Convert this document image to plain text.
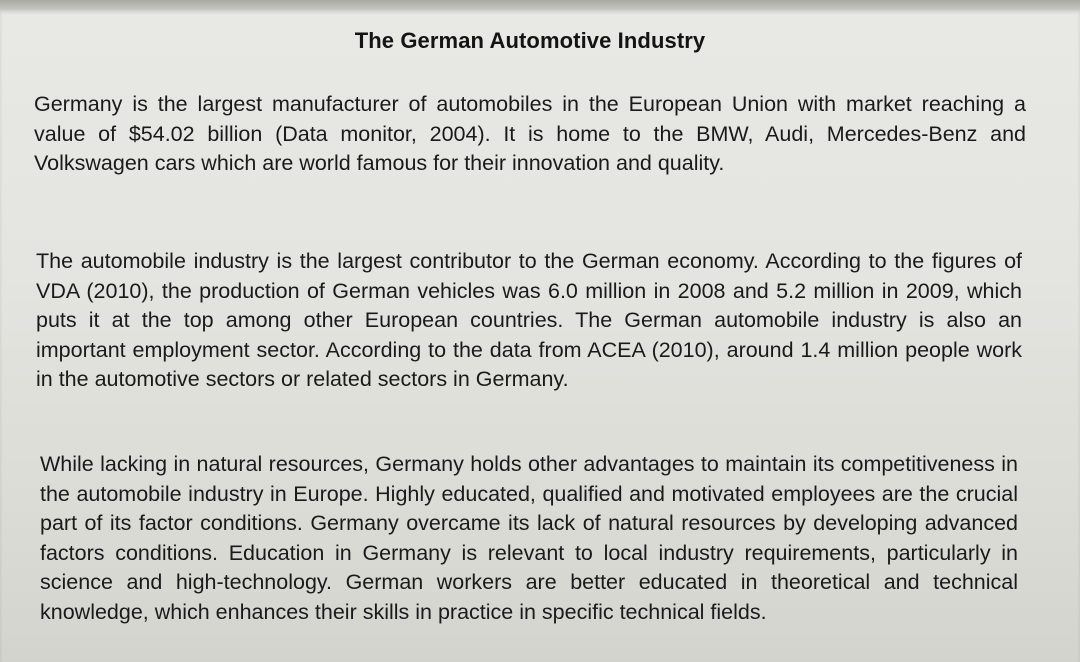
The German Automotive Industry

Germany is the largest manufacturer of automobiles in the European Union with market reaching a value of $54.02 billion (Data monitor, 2004). It is home to the BMW, Audi, Mercedes-Benz and Volkswagen cars which are world famous for their innovation and quality.

The automobile industry is the largest contributor to the German economy. According to the figures of VDA (2010), the production of German vehicles was 6.0 million in 2008 and 5.2 million in 2009, which puts it at the top among other European countries. The German automobile industry is also an important employment sector. According to the data from ACEA (2010), around 1.4 million people work in the automotive sectors or related sectors in Germany.

While lacking in natural resources, Germany holds other advantages to maintain its competitiveness in the automobile industry in Europe. Highly educated, qualified and motivated employees are the crucial part of its factor conditions. Germany overcame its lack of natural resources by developing advanced factors conditions. Education in Germany is relevant to local industry requirements, particularly in science and high-technology. German workers are better educated in theoretical and technical knowledge, which enhances their skills in practice in specific technical fields.
